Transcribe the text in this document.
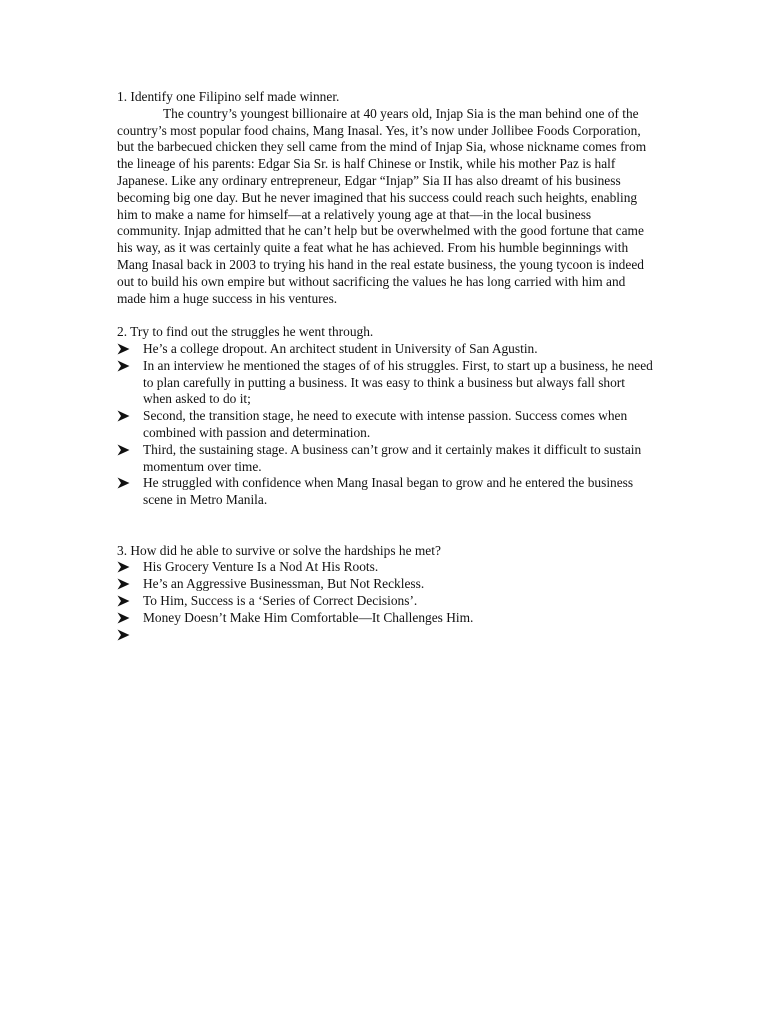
1. Identify one Filipino self made winner.

The country’s youngest billionaire at 40 years old, Injap Sia is the man behind one of the country’s most popular food chains, Mang Inasal. Yes, it’s now under Jollibee Foods Corporation, but the barbecued chicken they sell came from the mind of Injap Sia, whose nickname comes from the lineage of his parents: Edgar Sia Sr. is half Chinese or Instik, while his mother Paz is half Japanese. Like any ordinary entrepreneur, Edgar “Injap” Sia II has also dreamt of his business becoming big one day. But he never imagined that his success could reach such heights, enabling him to make a name for himself—at a relatively young age at that—in the local business community. Injap admitted that he can’t help but be overwhelmed with the good fortune that came his way, as it was certainly quite a feat what he has achieved. From his humble beginnings with Mang Inasal back in 2003 to trying his hand in the real estate business, the young tycoon is indeed out to build his own empire but without sacrificing the values he has long carried with him and made him a huge success in his ventures.

2. Try to find out the struggles he went through.

He’s a college dropout. An architect student in University of San Agustin.
In an interview he mentioned the stages of of his struggles. First, to start up a business, he need to plan carefully in putting a business. It was easy to think a business but always fall short when asked to do it;
Second, the transition stage, he need to execute with intense passion. Success comes when combined with passion and determination.
Third, the sustaining stage. A business can’t grow and it certainly makes it difficult to sustain momentum over time.
He struggled with confidence when Mang Inasal began to grow and he entered the business scene in Metro Manila.

3. How did he able to survive or solve the hardships he met?

His Grocery Venture Is a Nod At His Roots.
He’s an Aggressive Businessman, But Not Reckless.
To Him, Success is a ‘Series of Correct Decisions’.
Money Doesn’t Make Him Comfortable—It Challenges Him.
